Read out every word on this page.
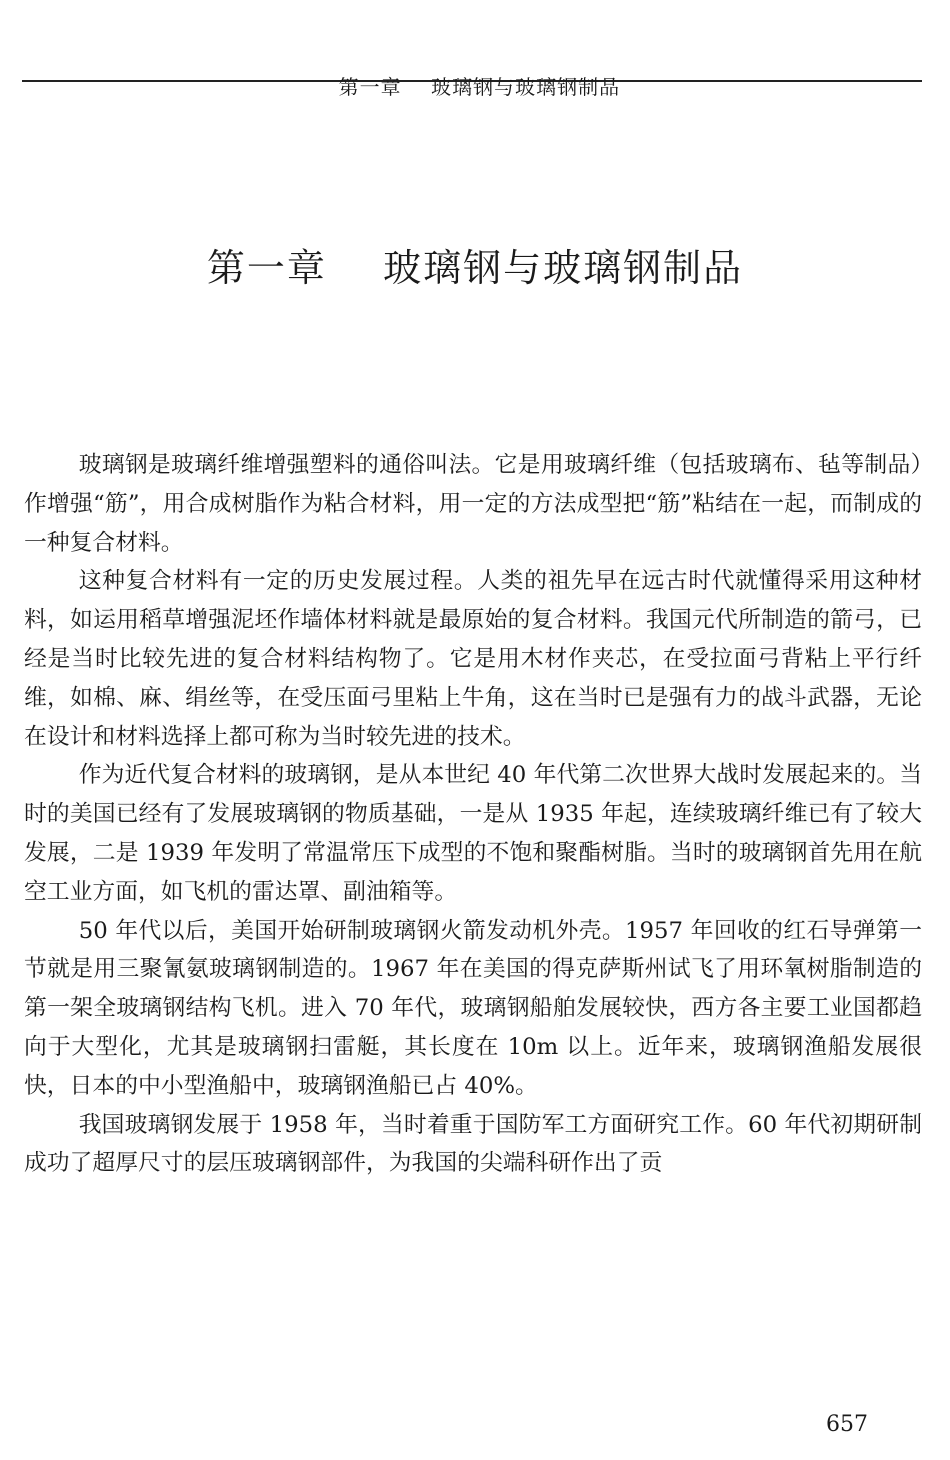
第一章    玻璃钢与玻璃钢制品

第一章    玻璃钢与玻璃钢制品

玻璃钢是玻璃纤维增强塑料的通俗叫法。它是用玻璃纤维（包括玻璃布、毡等制品）作增强“筋”，用合成树脂作为粘合材料，用一定的方法成型把“筋”粘结在一起，而制成的一种复合材料。

这种复合材料有一定的历史发展过程。人类的祖先早在远古时代就懂得采用这种材料，如运用稻草增强泥坯作墙体材料就是最原始的复合材料。我国元代所制造的箭弓，已经是当时比较先进的复合材料结构物了。它是用木材作夹芯，在受拉面弓背粘上平行纤维，如棉、麻、绢丝等，在受压面弓里粘上牛角，这在当时已是强有力的战斗武器，无论在设计和材料选择上都可称为当时较先进的技术。

作为近代复合材料的玻璃钢，是从本世纪 40 年代第二次世界大战时发展起来的。当时的美国已经有了发展玻璃钢的物质基础，一是从 1935 年起，连续玻璃纤维已有了较大发展，二是 1939 年发明了常温常压下成型的不饱和聚酯树脂。当时的玻璃钢首先用在航空工业方面，如飞机的雷达罩、副油箱等。

50 年代以后，美国开始研制玻璃钢火箭发动机外壳。1957 年回收的红石导弹第一节就是用三聚氰氨玻璃钢制造的。1967 年在美国的得克萨斯州试飞了用环氧树脂制造的第一架全玻璃钢结构飞机。进入 70 年代，玻璃钢船舶发展较快，西方各主要工业国都趋向于大型化，尤其是玻璃钢扫雷艇，其长度在 10m 以上。近年来，玻璃钢渔船发展很快，日本的中小型渔船中，玻璃钢渔船已占 40%。

我国玻璃钢发展于 1958 年，当时着重于国防军工方面研究工作。60 年代初期研制成功了超厚尺寸的层压玻璃钢部件，为我国的尖端科研作出了贡

657
